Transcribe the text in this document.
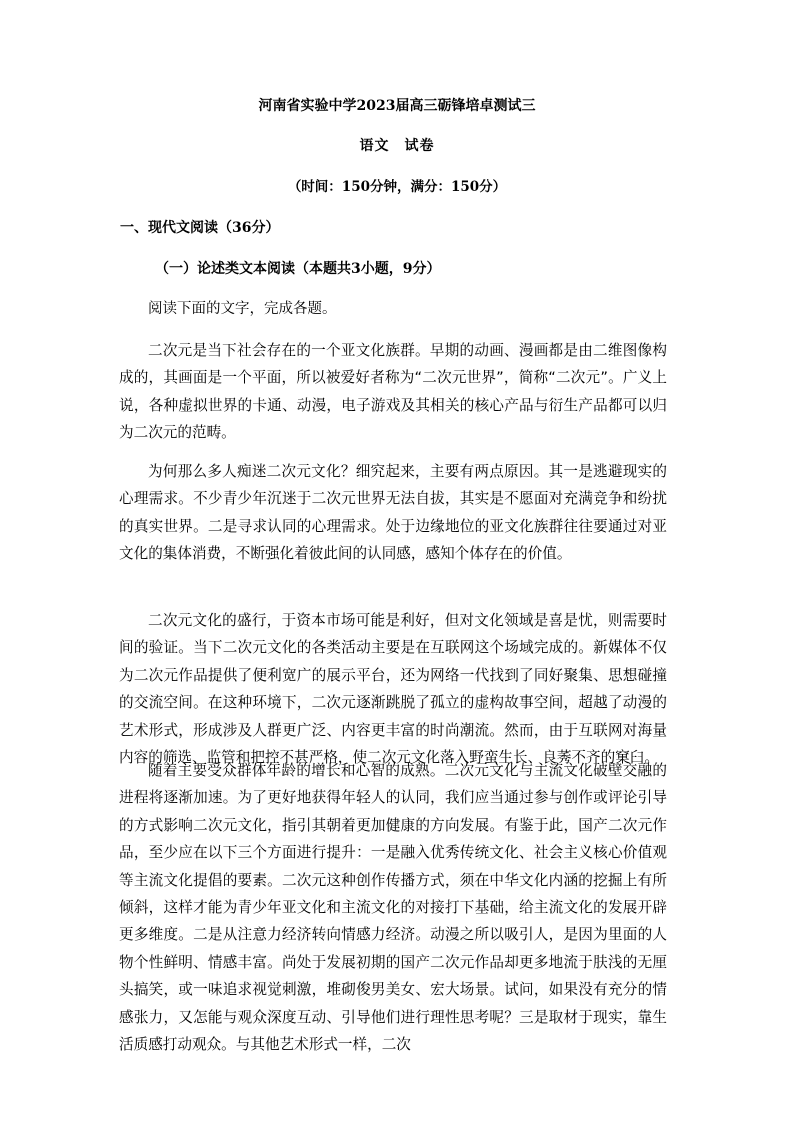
河南省实验中学2023届高三砺锋培卓测试三
语文　试卷
（时间：150分钟，满分：150分）
一、现代文阅读（36分）
（一）论述类文本阅读（本题共3小题，9分）
阅读下面的文字，完成各题。

二次元是当下社会存在的一个亚文化族群。早期的动画、漫画都是由二维图像构成的，其画面是一个平面，所以被爱好者称为“二次元世界”，简称“二次元”。广义上说，各种虚拟世界的卡通、动漫，电子游戏及其相关的核心产品与衍生产品都可以归为二次元的范畴。

为何那么多人痴迷二次元文化？细究起来，主要有两点原因。其一是逃避现实的心理需求。不少青少年沉迷于二次元世界无法自拔，其实是不愿面对充满竞争和纷扰的真实世界。二是寻求认同的心理需求。处于边缘地位的亚文化族群往往要通过对亚文化的集体消费，不断强化着彼此间的认同感，感知个体存在的价值。

二次元文化的盛行，于资本市场可能是利好，但对文化领域是喜是忧，则需要时间的验证。当下二次元文化的各类活动主要是在互联网这个场域完成的。新媒体不仅为二次元作品提供了便利宽广的展示平台，还为网络一代找到了同好聚集、思想碰撞的交流空间。在这种环境下，二次元逐渐跳脱了孤立的虚构故事空间，超越了动漫的艺术形式，形成涉及人群更广泛、内容更丰富的时尚潮流。然而，由于互联网对海量内容的筛选、监管和把控不甚严格，使二次元文化落入野蛮生长、良莠不齐的窠臼。

随着主要受众群体年龄的增长和心智的成熟。二次元文化与主流文化破壁交融的进程将逐渐加速。为了更好地获得年轻人的认同，我们应当通过参与创作或评论引导的方式影响二次元文化，指引其朝着更加健康的方向发展。有鉴于此，国产二次元作品，至少应在以下三个方面进行提升：一是融入优秀传统文化、社会主义核心价值观等主流文化提倡的要素。二次元这种创作传播方式，须在中华文化内涵的挖掘上有所倾斜，这样才能为青少年亚文化和主流文化的对接打下基础，给主流文化的发展开辟更多维度。二是从注意力经济转向情感力经济。动漫之所以吸引人，是因为里面的人物个性鲜明、情感丰富。尚处于发展初期的国产二次元作品却更多地流于肤浅的无厘头搞笑，或一味追求视觉刺激，堆砌俊男美女、宏大场景。试问，如果没有充分的情感张力，又怎能与观众深度互动、引导他们进行理性思考呢？三是取材于现实，靠生活质感打动观众。与其他艺术形式一样，二次
